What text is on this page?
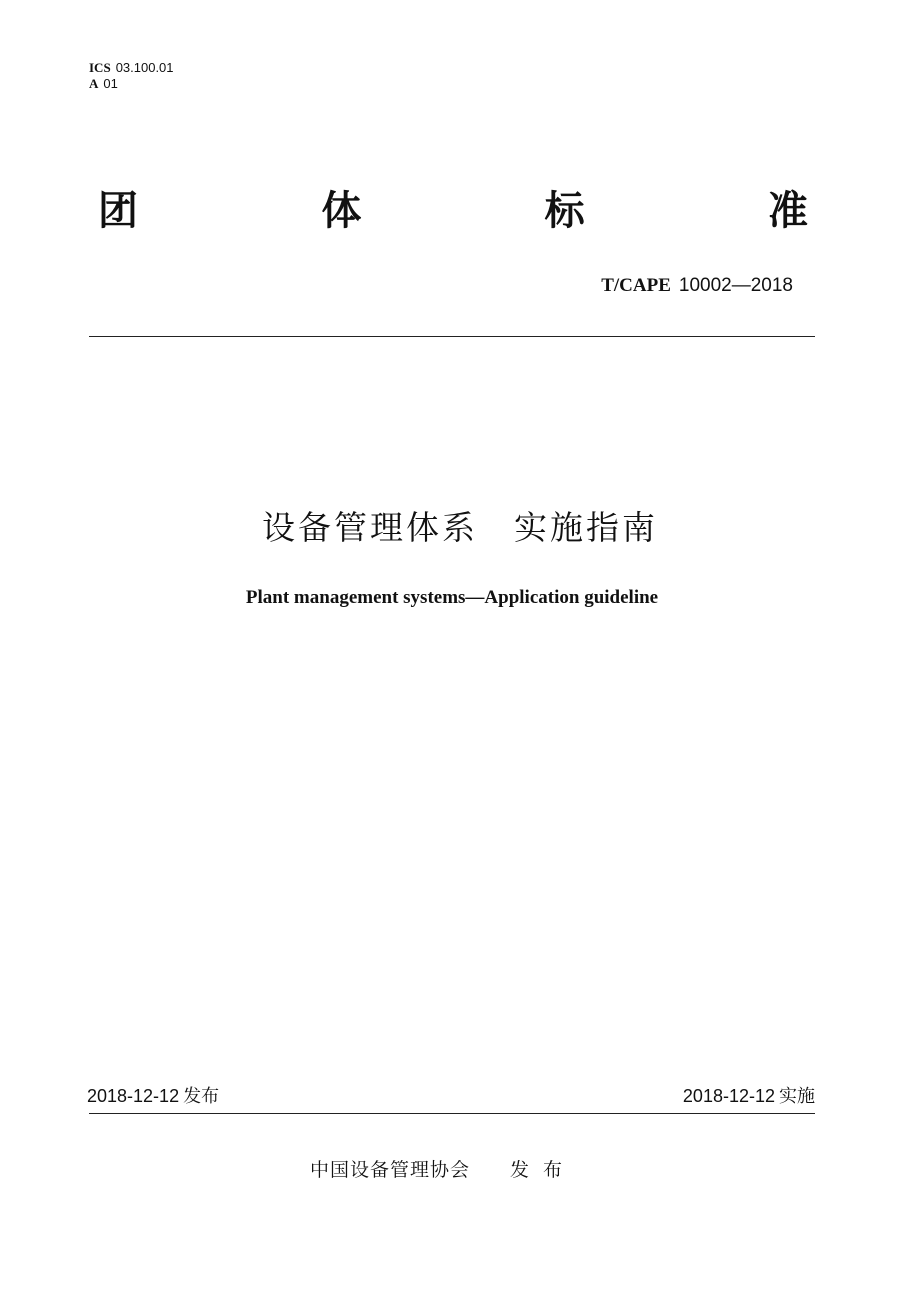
ICS 03.100.01
A 01
团	体	标	准
T/CAPE 10002—2018
设备管理体系 实施指南
Plant management systems—Application guideline
2018-12-12 发布	2018-12-12 实施
中国设备管理协会 发布
